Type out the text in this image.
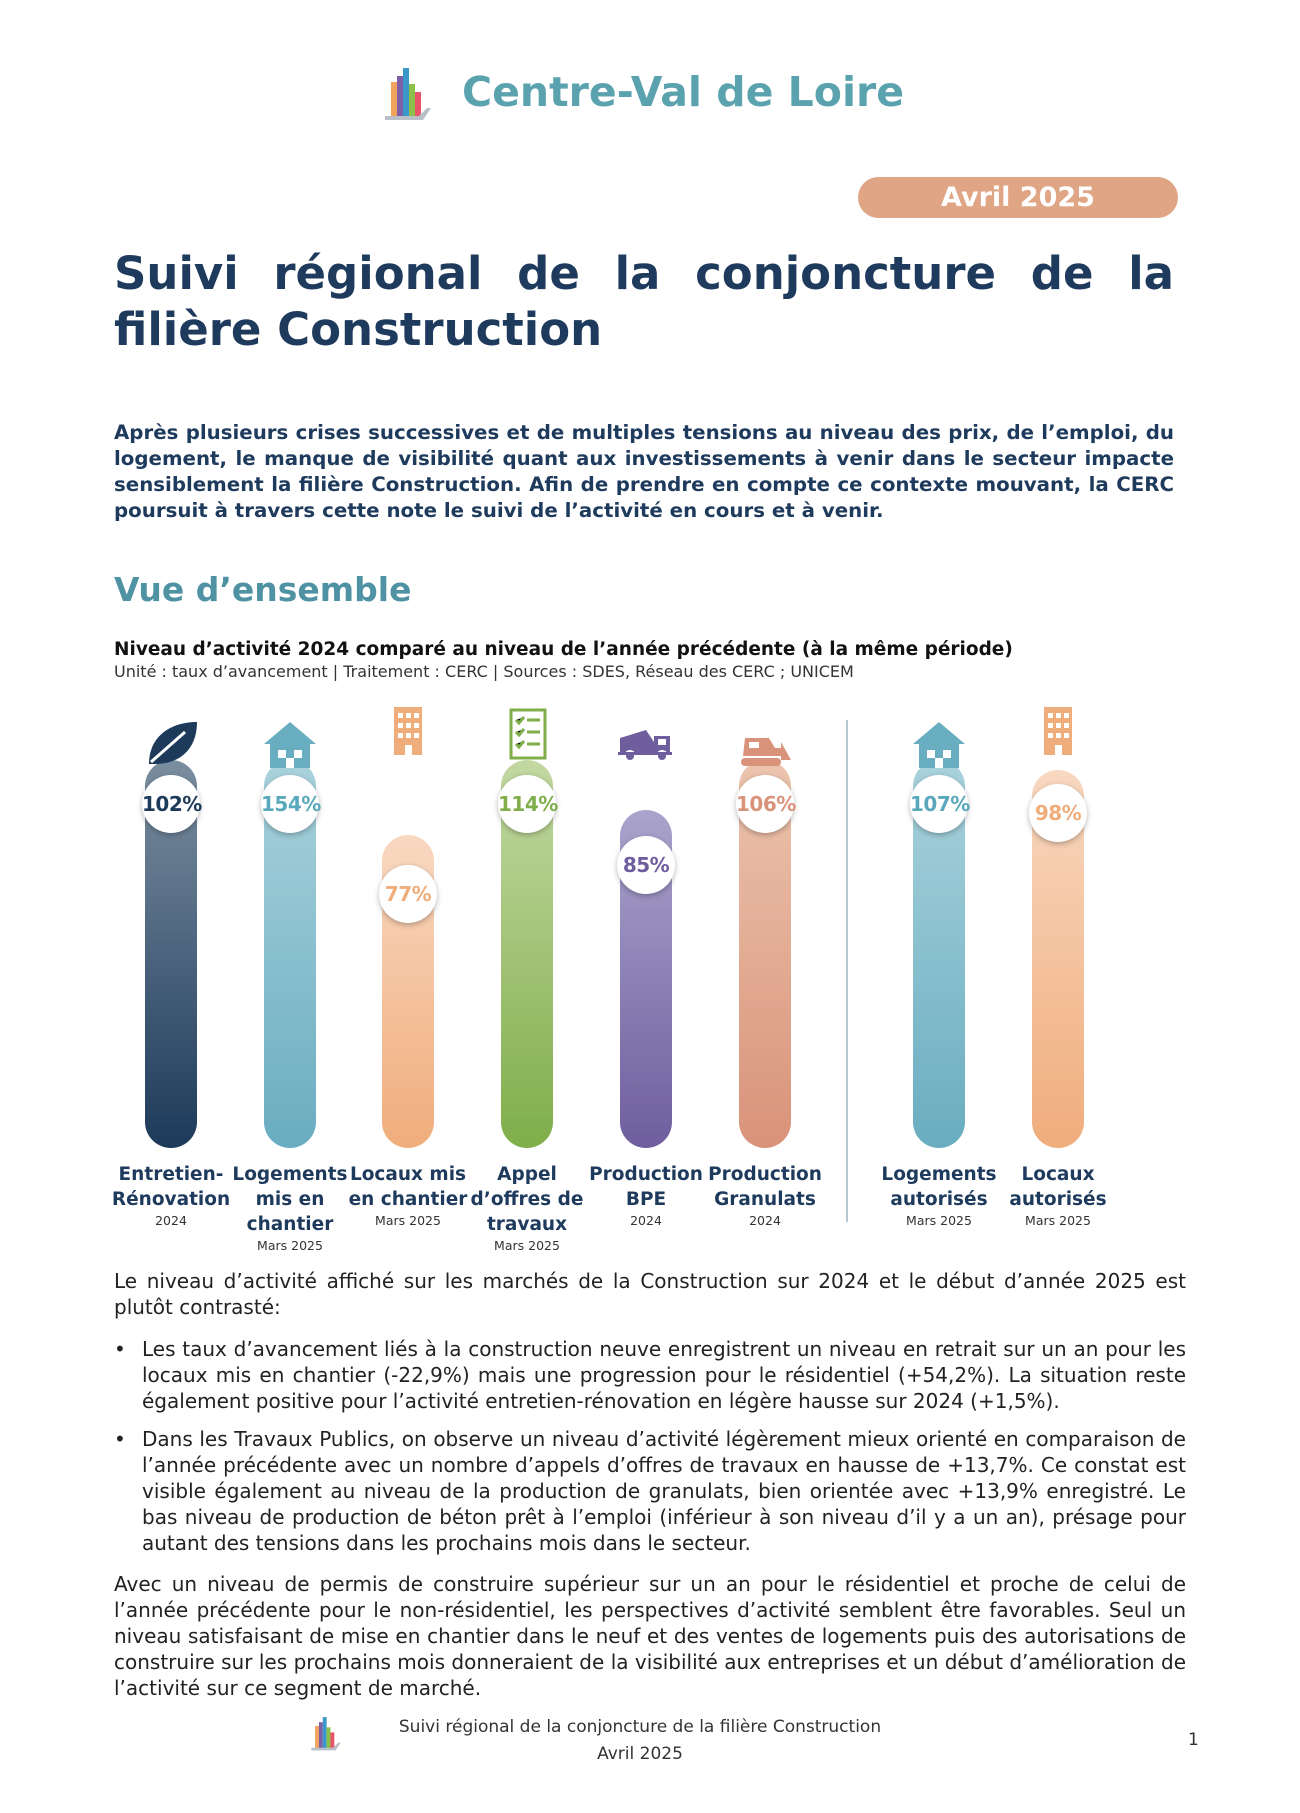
Centre-Val de Loire
Avril 2025
Suivi régional de la conjoncture de la filière Construction
Après plusieurs crises successives et de multiples tensions au niveau des prix, de l’emploi, du logement, le manque de visibilité quant aux investissements à venir dans le secteur impacte sensiblement la filière Construction. Afin de prendre en compte ce contexte mouvant, la CERC poursuit à travers cette note le suivi de l’activité en cours et à venir.
Vue d’ensemble
Niveau d’activité 2024 comparé au niveau de l’année précédente (à la même période)
Unité : taux d’avancement | Traitement : CERC | Sources : SDES, Réseau des CERC ; UNICEM
102%
Entretien-Rénovation
2024
154%
Logements mis en chantier
Mars 2025
77%
Locaux mis en chantier
Mars 2025
114%
Appel d’offres de travaux
Mars 2025
85%
Production BPE
2024
106%
Production Granulats
2024
107%
Logements autorisés
Mars 2025
98%
Locaux autorisés
Mars 2025
Le niveau d’activité affiché sur les marchés de la Construction sur 2024 et le début d’année 2025 est plutôt contrasté:
• Les taux d’avancement liés à la construction neuve enregistrent un niveau en retrait sur un an pour les locaux mis en chantier (-22,9%) mais une progression pour le résidentiel (+54,2%). La situation reste également positive pour l’activité entretien-rénovation en légère hausse sur 2024 (+1,5%).
• Dans les Travaux Publics, on observe un niveau d’activité légèrement mieux orienté en comparaison de l’année précédente avec un nombre d’appels d’offres de travaux en hausse de +13,7%. Ce constat est visible également au niveau de la production de granulats, bien orientée avec +13,9% enregistré. Le bas niveau de production de béton prêt à l’emploi (inférieur à son niveau d’il y a un an), présage pour autant des tensions dans les prochains mois dans le secteur.
Avec un niveau de permis de construire supérieur sur un an pour le résidentiel et proche de celui de l’année précédente pour le non-résidentiel, les perspectives d’activité semblent être favorables. Seul un niveau satisfaisant de mise en chantier dans le neuf et des ventes de logements puis des autorisations de construire sur les prochains mois donneraient de la visibilité aux entreprises et un début d’amélioration de l’activité sur ce segment de marché.
Suivi régional de la conjoncture de la filière Construction
Avril 2025
1
